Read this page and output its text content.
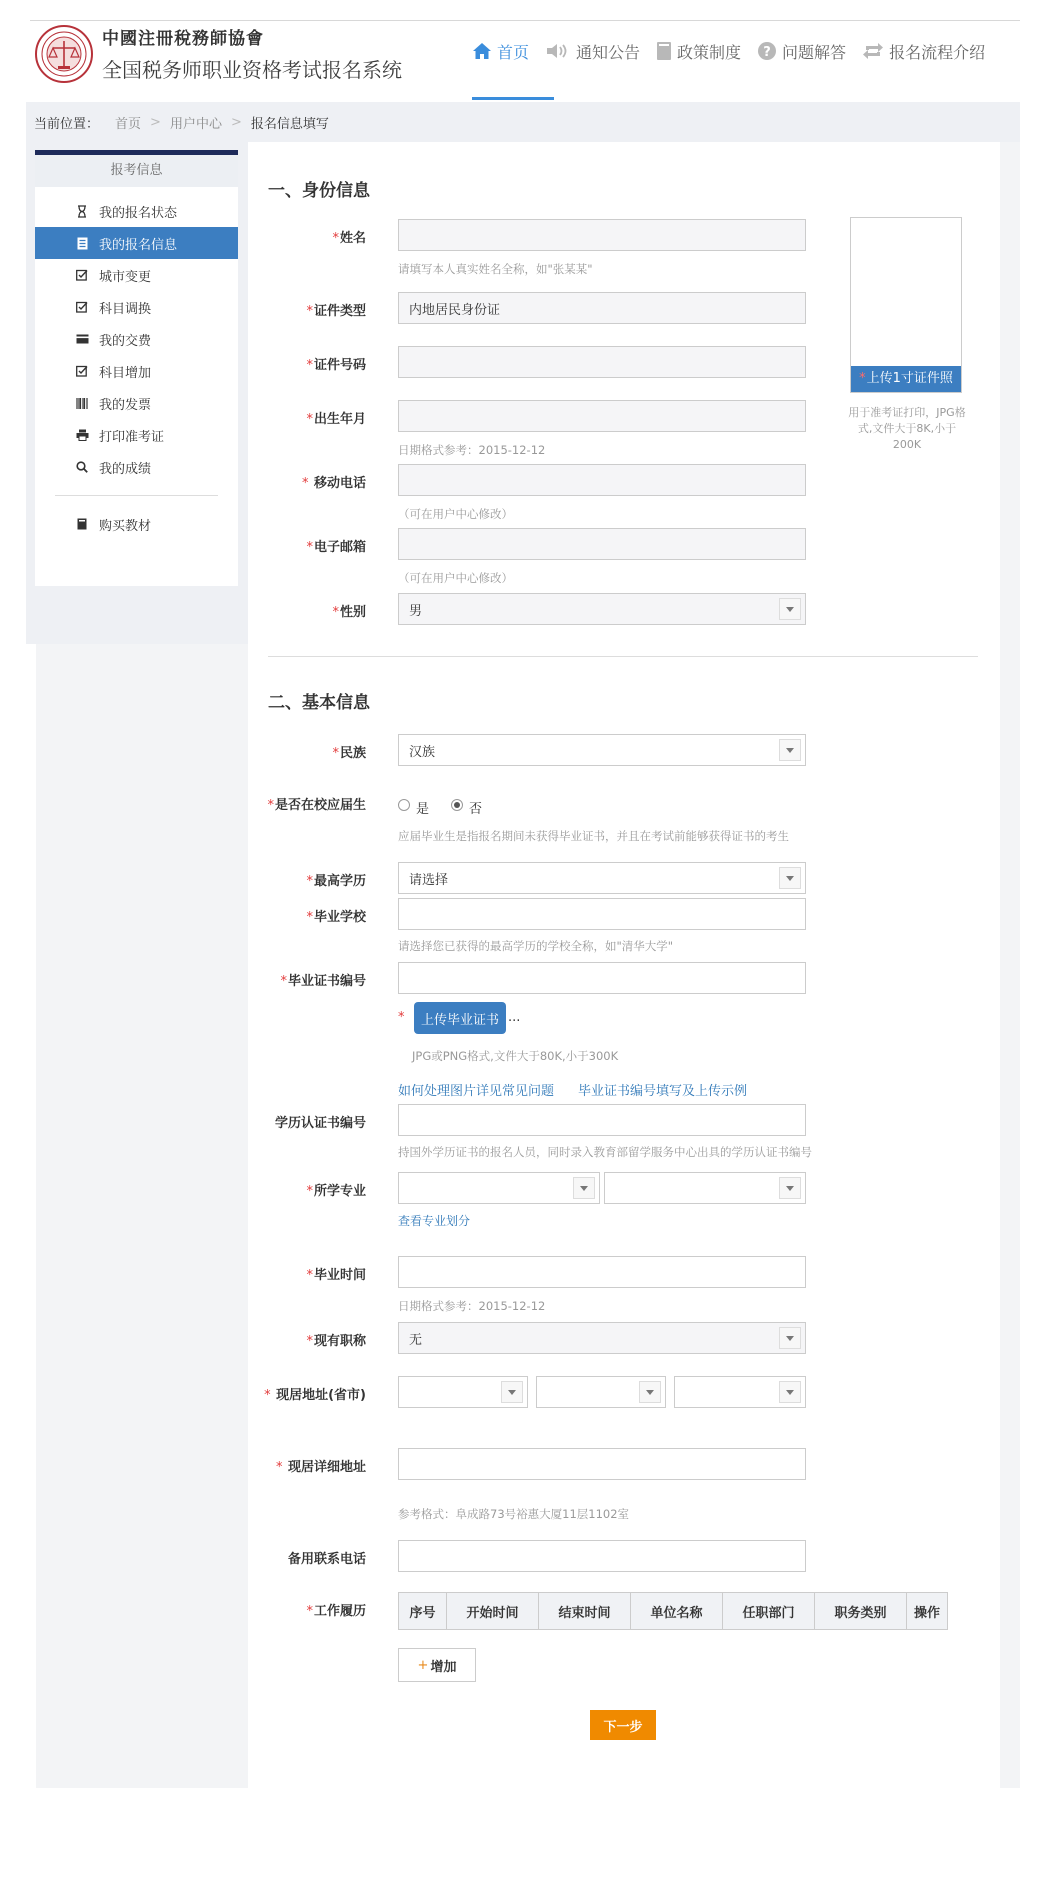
中國注冊稅務師協會
全国税务师职业资格考试报名系统
首页	通知公告 政策制度 ? 问题解答	报名流程介绍
当前位置： 首页 > 用户中心 > 报名信息填写
报考信息
我的报名状态
我的报名信息
城市变更
科目调换
我的交费
科目增加
我的发票
打印准考证
我的成绩
购买教材
一、身份信息
*姓名
请填写本人真实姓名全称，如"张某某"
*证件类型	内地居民身份证
*证件号码
*出生年月
日期格式参考：2015-12-12
* 移动电话
（可在用户中心修改）
*电子邮箱
（可在用户中心修改）
*性别	男
*上传1寸证件照
用于准考证打印，JPG格式,文件大于8K,小于200K
二、基本信息
*民族	汉族
*是否在校应届生	是	否
应届毕业生是指报名期间未获得毕业证书，并且在考试前能够获得证书的考生
*最高学历	请选择
*毕业学校
请选择您已获得的最高学历的学校全称，如"清华大学"
*毕业证书编号
*	上传毕业证书 ...
JPG或PNG格式,文件大于80K,小于300K
如何处理图片详见常见问题 毕业证书编号填写及上传示例
学历认证书编号
持国外学历证书的报名人员，同时录入教育部留学服务中心出具的学历认证书编号
*所学专业
查看专业划分
*毕业时间
日期格式参考：2015-12-12
*现有职称	无
* 现居地址(省市)
* 现居详细地址
参考格式：阜成路73号裕惠大厦11层1102室
备用联系电话
*工作履历	序号	开始时间	结束时间	单位名称	任职部门	职务类别	操作
+ 增加
下一步
